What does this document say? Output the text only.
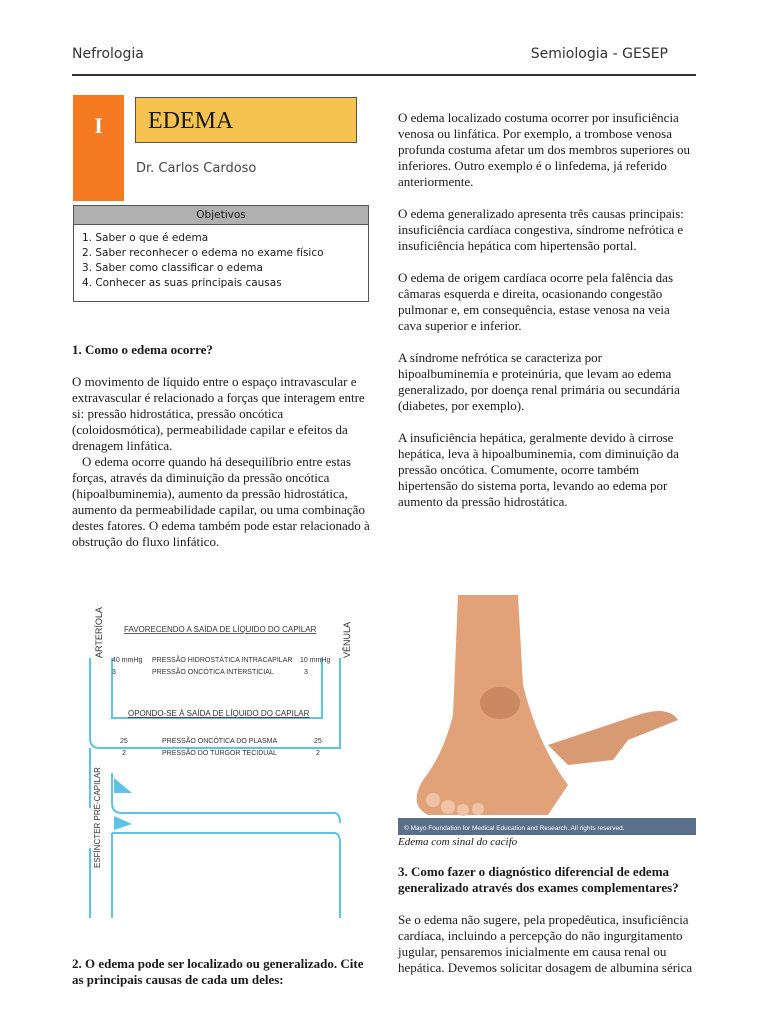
Nefrologia	Semiologia - GESEP
I	EDEMA
Dr. Carlos Cardoso
Objetivos
1. Saber o que é edema
2. Saber reconhecer o edema no exame físico
3. Saber como classificar o edema
4. Conhecer as suas principais causas

1. Como o edema ocorre?

O movimento de líquido entre o espaço intravascular e extravascular é relacionado a forças que interagem entre si: pressão hidrostática, pressão oncótica (coloidosmótica), permeabilidade capilar e efeitos da drenagem linfática.

O edema ocorre quando há desequilíbrio entre estas forças, através da diminuição da pressão oncótica (hipoalbuminemia), aumento da pressão hidrostática, aumento da permeabilidade capilar, ou uma combinação destes fatores. O edema também pode estar relacionado à obstrução do fluxo linfático.

ARTERÍOLA	VÊNULA
FAVORECENDO A SAÍDA DE LÍQUIDO DO CAPILAR
40 mmHg PRESSÃO HIDROSTÁTICA INTRACAPILAR 10 mmHg
3	PRESSÃO ONCÓTICA INTERSTICIAL	3
OPONDO-SE À SAÍDA DE LÍQUIDO DO CAPILAR
25	PRESSÃO ONCÓTICA DO PLASMA	25
2	PRESSÃO DO TURGOR TECIDUAL	2
ESFÍNCTER PRÉ-CAPILAR

O edema localizado costuma ocorrer por insuficiência venosa ou linfática. Por exemplo, a trombose venosa profunda costuma afetar um dos membros superiores ou inferiores. Outro exemplo é o linfedema, já referido anteriormente.

O edema generalizado apresenta três causas principais: insuficiência cardíaca congestiva, síndrome nefrótica e insuficiência hepática com hipertensão portal.

O edema de origem cardíaca ocorre pela falência das câmaras esquerda e direita, ocasionando congestão pulmonar e, em consequência, estase venosa na veia cava superior e inferior.

A síndrome nefrótica se caracteriza por hipoalbuminemia e proteinúria, que levam ao edema generalizado, por doença renal primária ou secundária (diabetes, por exemplo).

A insuficiência hepática, geralmente devido à cirrose hepática, leva à hipoalbuminemia, com diminuição da pressão oncótica. Comumente, ocorre também hipertensão do sistema porta, levando ao edema por aumento da pressão hidrostática.

© Mayo Foundation for Medical Education and Research. All rights reserved.
Edema com sinal do cacifo

3. Como fazer o diagnóstico diferencial de edema generalizado através dos exames complementares?

Se o edema não sugere, pela propedêutica, insuficiência cardíaca, incluindo a percepção do não ingurgitamento jugular, pensaremos inicialmente em causa renal ou hepática. Devemos solicitar dosagem de albumina sérica

2. O edema pode ser localizado ou generalizado. Cite as principais causas de cada um deles:
